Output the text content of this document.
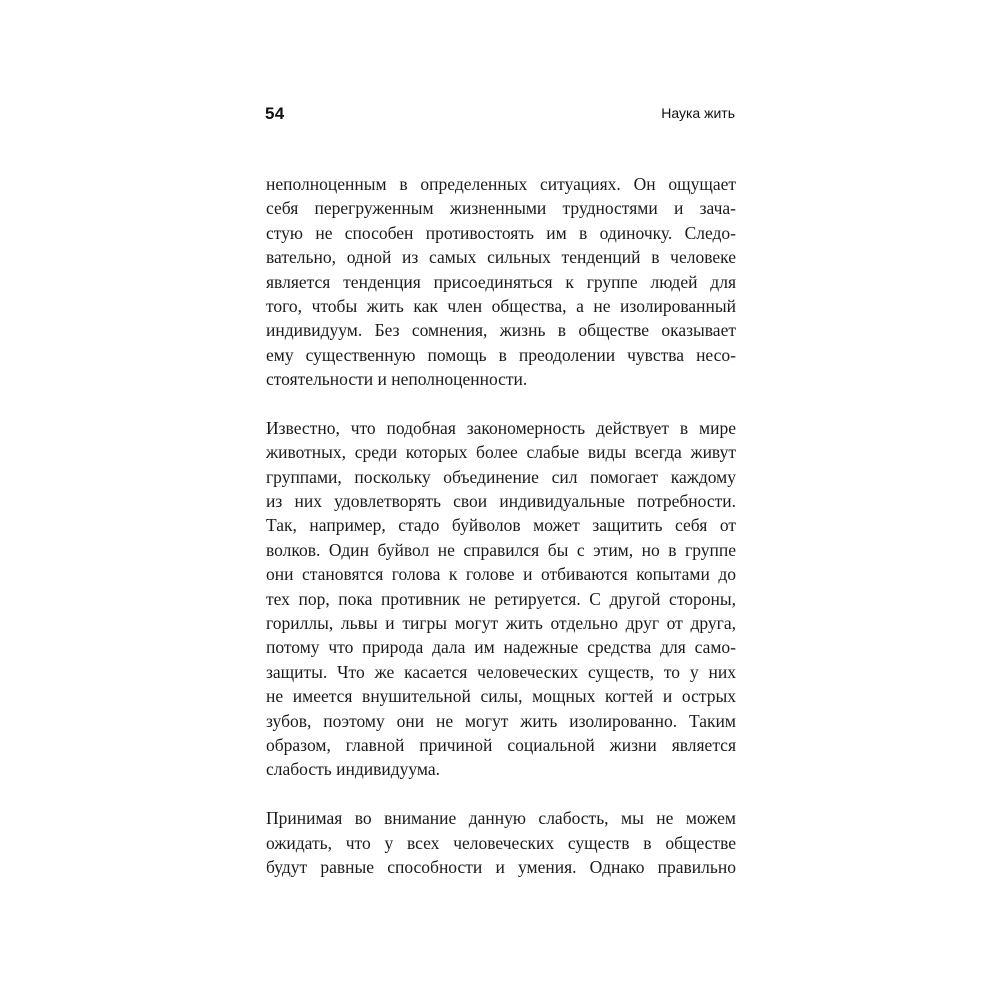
54	Наука жить
неполноценным в определенных ситуациях. Он ощущает
себя перегруженным жизненными трудностями и зача-
стую не способен противостоять им в одиночку. Следо-
вательно, одной из самых сильных тенденций в человеке
является тенденция присоединяться к группе людей для
того, чтобы жить как член общества, а не изолированный
индивидуум. Без сомнения, жизнь в обществе оказывает
ему существенную помощь в преодолении чувства несо-
стоятельности и неполноценности.
Известно, что подобная закономерность действует в мире
животных, среди которых более слабые виды всегда живут
группами, поскольку объединение сил помогает каждому
из них удовлетворять свои индивидуальные потребности.
Так, например, стадо буйволов может защитить себя от
волков. Один буйвол не справился бы с этим, но в группе
они становятся голова к голове и отбиваются копытами до
тех пор, пока противник не ретируется. С другой стороны,
гориллы, львы и тигры могут жить отдельно друг от друга,
потому что природа дала им надежные средства для само-
защиты. Что же касается человеческих существ, то у них
не имеется внушительной силы, мощных когтей и острых
зубов, поэтому они не могут жить изолированно. Таким
образом, главной причиной социальной жизни является
слабость индивидуума.
Принимая во внимание данную слабость, мы не можем
ожидать, что у всех человеческих существ в обществе
будут равные способности и умения. Однако правильно
